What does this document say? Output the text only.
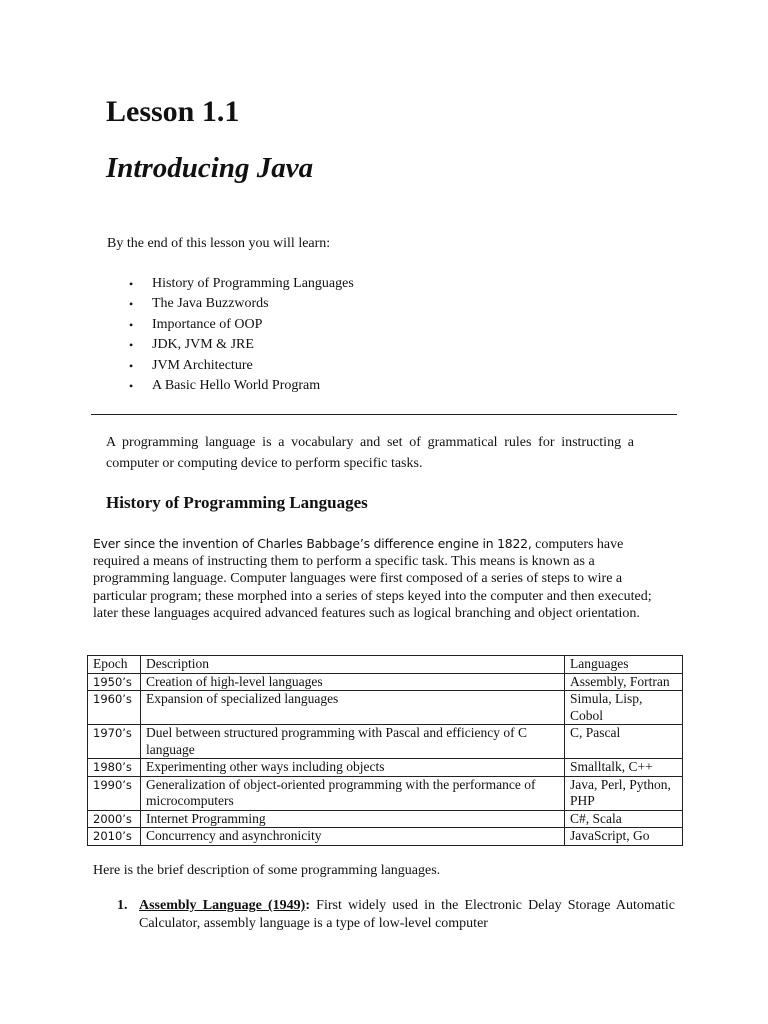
Lesson 1.1
Introducing Java

By the end of this lesson you will learn:

• History of Programming Languages
• The Java Buzzwords
• Importance of OOP
• JDK, JVM & JRE
• JVM Architecture
• A Basic Hello World Program

A programming language is a vocabulary and set of grammatical rules for instructing a computer or computing device to perform specific tasks.

History of Programming Languages

Ever since the invention of Charles Babbage’s difference engine in 1822, computers have required a means of instructing them to perform a specific task. This means is known as a programming language. Computer languages were first composed of a series of steps to wire a particular program; these morphed into a series of steps keyed into the computer and then executed; later these languages acquired advanced features such as logical branching and object orientation.

Epoch	Description	Languages
1950’s	Creation of high-level languages	Assembly, Fortran
1960’s	Expansion of specialized languages	Simula, Lisp, Cobol
1970’s	Duel between structured programming with Pascal and efficiency of C language	C, Pascal
1980’s	Experimenting other ways including objects	Smalltalk, C++
1990’s	Generalization of object-oriented programming with the performance of microcomputers	Java, Perl, Python, PHP
2000’s	Internet Programming	C#, Scala
2010’s	Concurrency and asynchronicity	JavaScript, Go

Here is the brief description of some programming languages.

1. Assembly Language (1949): First widely used in the Electronic Delay Storage Automatic Calculator, assembly language is a type of low-level computer
